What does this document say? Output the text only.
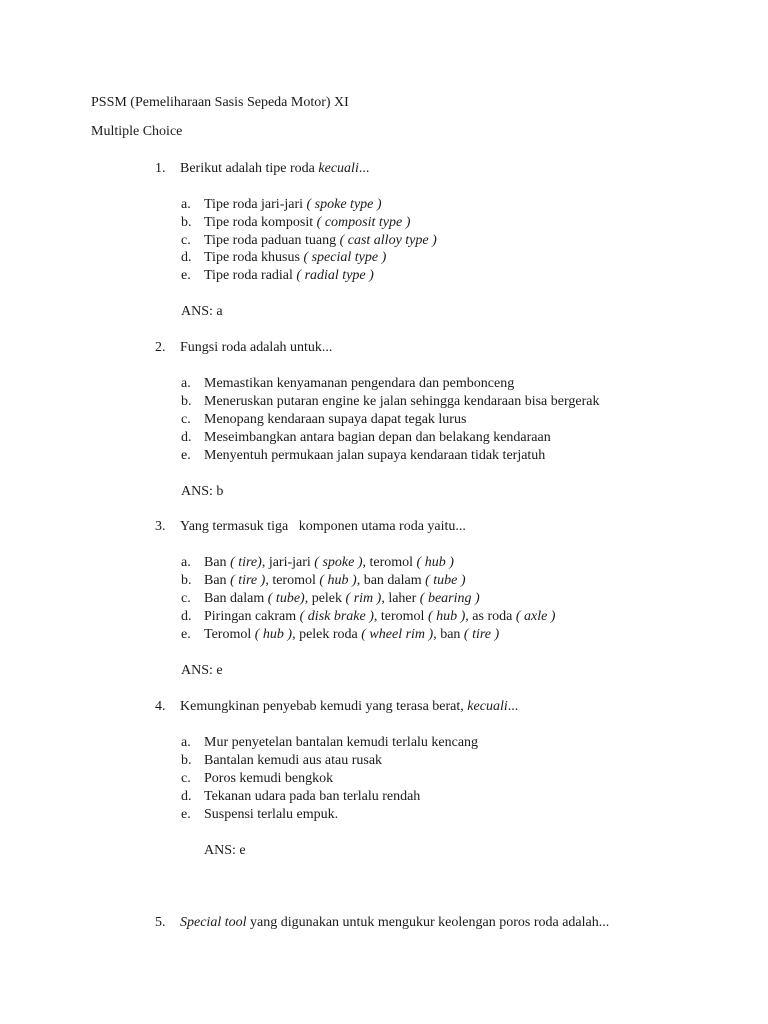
PSSM (Pemeliharaan Sasis Sepeda Motor) XI
Multiple Choice
1. Berikut adalah tipe roda kecuali...
a. Tipe roda jari-jari ( spoke type )
b. Tipe roda komposit ( composit type )
c. Tipe roda paduan tuang ( cast alloy type )
d. Tipe roda khusus ( special type )
e. Tipe roda radial ( radial type )
ANS: a
2. Fungsi roda adalah untuk...
a. Memastikan kenyamanan pengendara dan pembonceng
b. Meneruskan putaran engine ke jalan sehingga kendaraan bisa bergerak
c. Menopang kendaraan supaya dapat tegak lurus
d. Meseimbangkan antara bagian depan dan belakang kendaraan
e. Menyentuh permukaan jalan supaya kendaraan tidak terjatuh
ANS: b
3. Yang termasuk tiga   komponen utama roda yaitu...
a. Ban ( tire), jari-jari ( spoke ), teromol ( hub )
b. Ban ( tire ), teromol ( hub ), ban dalam ( tube )
c. Ban dalam ( tube), pelek ( rim ), laher ( bearing )
d. Piringan cakram ( disk brake ), teromol ( hub ), as roda ( axle )
e. Teromol ( hub ), pelek roda ( wheel rim ), ban ( tire )
ANS: e
4. Kemungkinan penyebab kemudi yang terasa berat, kecuali...
a. Mur penyetelan bantalan kemudi terlalu kencang
b. Bantalan kemudi aus atau rusak
c. Poros kemudi bengkok
d. Tekanan udara pada ban terlalu rendah
e. Suspensi terlalu empuk.
ANS: e
5. Special tool yang digunakan untuk mengukur keolengan poros roda adalah...
